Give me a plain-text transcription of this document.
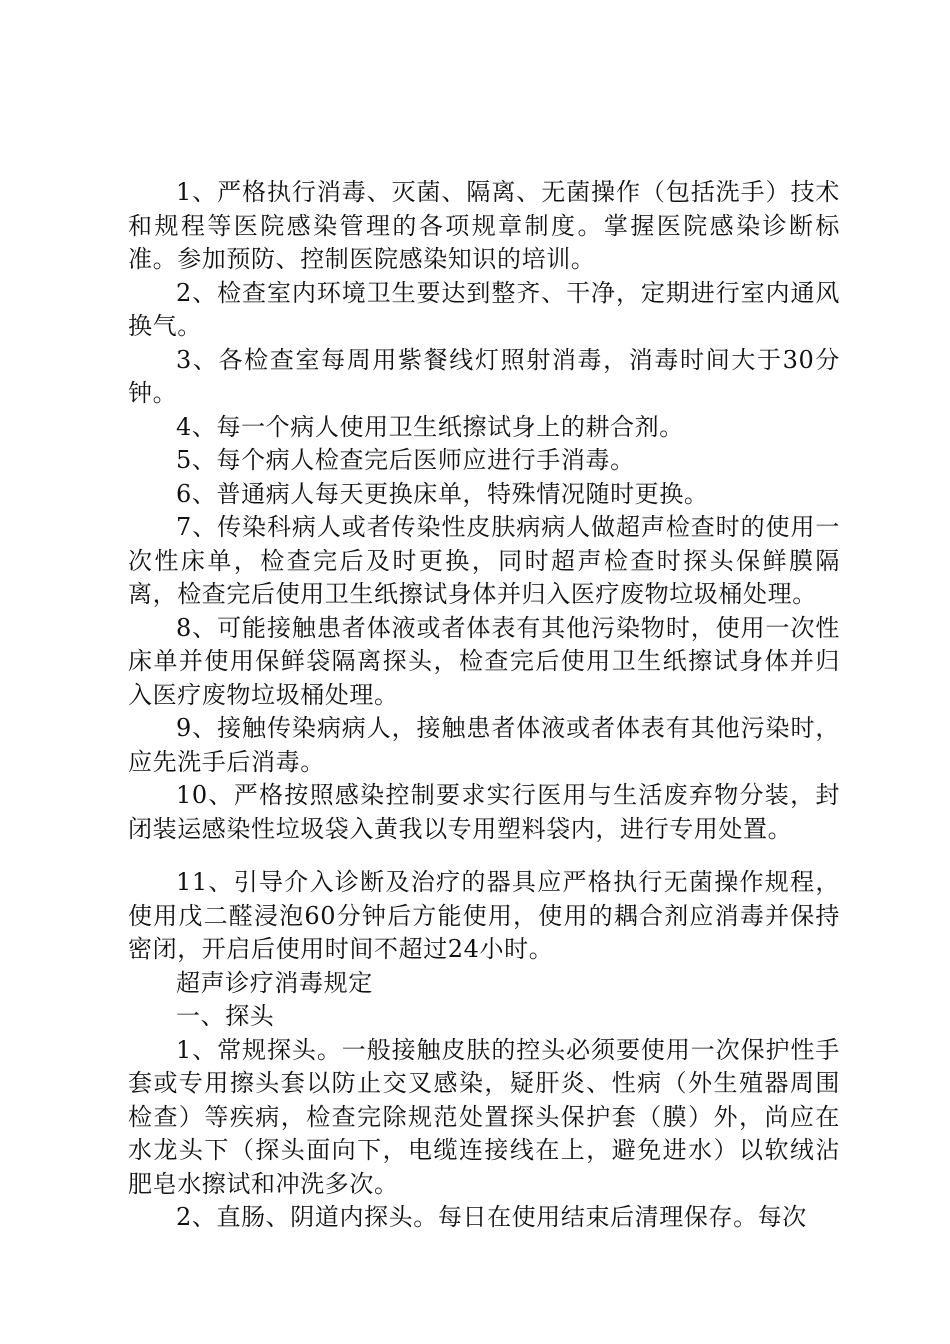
1、严格执行消毒、灭菌、隔离、无菌操作（包括洗手）技术和规程等医院感染管理的各项规章制度。掌握医院感染诊断标准。参加预防、控制医院感染知识的培训。

2、检查室内环境卫生要达到整齐、干净，定期进行室内通风换气。

3、各检查室每周用紫餐线灯照射消毒，消毒时间大于30分钟。

4、每一个病人使用卫生纸擦试身上的耕合剂。

5、每个病人检查完后医师应进行手消毒。

6、普通病人每天更换床单，特殊情况随时更换。

7、传染科病人或者传染性皮肤病病人做超声检查时的使用一次性床单，检查完后及时更换，同时超声检查时探头保鲜膜隔离，检查完后使用卫生纸擦试身体并归入医疗废物垃圾桶处理。

8、可能接触患者体液或者体表有其他污染物时，使用一次性床单并使用保鲜袋隔离探头，检查完后使用卫生纸擦试身体并归入医疗废物垃圾桶处理。

9、接触传染病病人，接触患者体液或者体表有其他污染时，应先洗手后消毒。

10、严格按照感染控制要求实行医用与生活废弃物分装，封闭装运感染性垃圾袋入黄我以专用塑料袋内，进行专用处置。

11、引导介入诊断及治疗的器具应严格执行无菌操作规程，使用戊二醛浸泡60分钟后方能使用，使用的耦合剂应消毒并保持密闭，开启后使用时间不超过24小时。

超声诊疗消毒规定

一、探头

1、常规探头。一般接触皮肤的控头必须要使用一次保护性手套或专用擦头套以防止交叉感染，疑肝炎、性病（外生殖器周围检查）等疾病，检查完除规范处置探头保护套（膜）外，尚应在水龙头下（探头面向下，电缆连接线在上，避免进水）以软绒沾肥皂水擦试和冲洗多次。

2、直肠、阴道内探头。每日在使用结束后清理保存。每次
